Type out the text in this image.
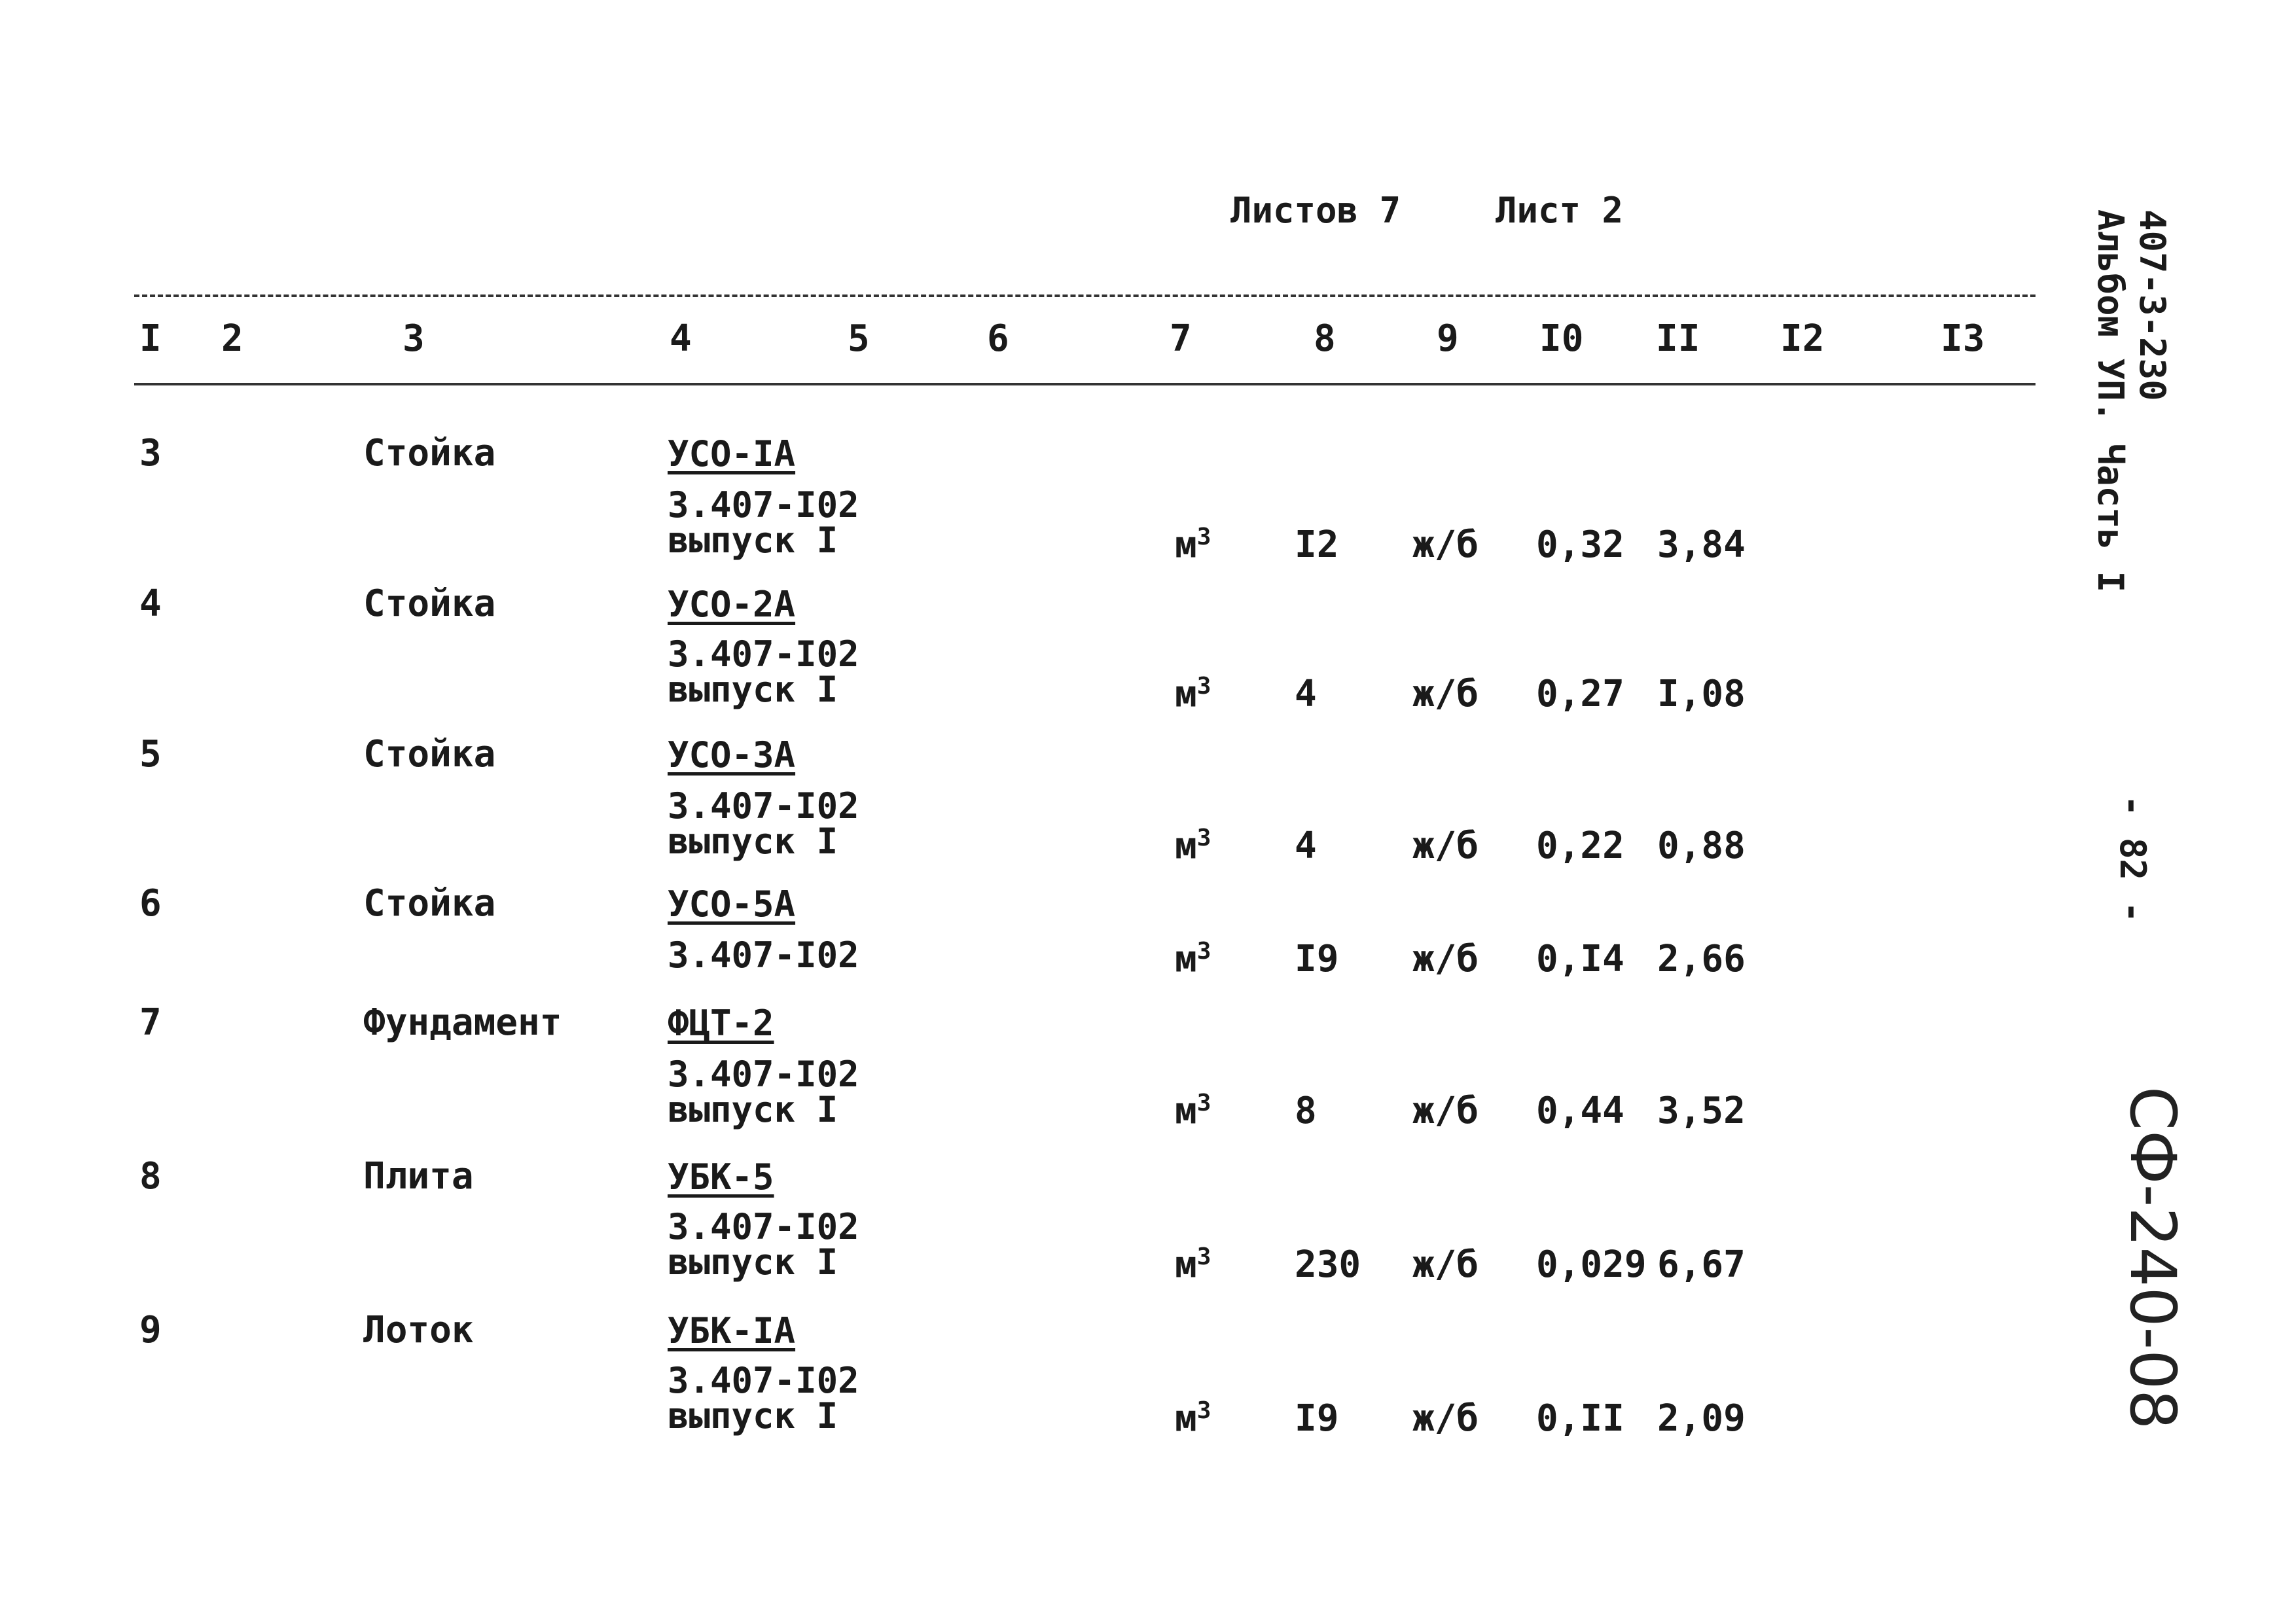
Листов 7	Лист 2
I 2	3	4	5	6	7	8	9 I0 II I2	I3
3	Стойка	УСО-IA
3.407-I02
выпуск I	$м^3$ I2 ж/б 0,32 3,84
4	Стойка	УСО-2А
3.407-I02
выпуск I	$м^3$ 4	ж/б 0,27 I,08
5	Стойка	УСО-3А
3.407-I02
выпуск I	$м^3$ 4	ж/б 0,22 0,88
6	Стойка	УСО-5А
3.407-I02	$м^3$ I9 ж/б 0,I4 2,66
7	Фундамент	ФЦТ-2
3.407-I02
выпуск I	$м^3$ 8	ж/б 0,44 3,52
8	Плита	УБК-5
3.407-I02
выпуск I	$м^3$ 230 ж/б 0,029 6,67
9	Лоток	УБК-IA
3.407-I02
выпуск I	$м^3$ I9 ж/б 0,II 2,09
407-3-230
Альбом УП. Часть I
- 82 -
СФ-240-08
